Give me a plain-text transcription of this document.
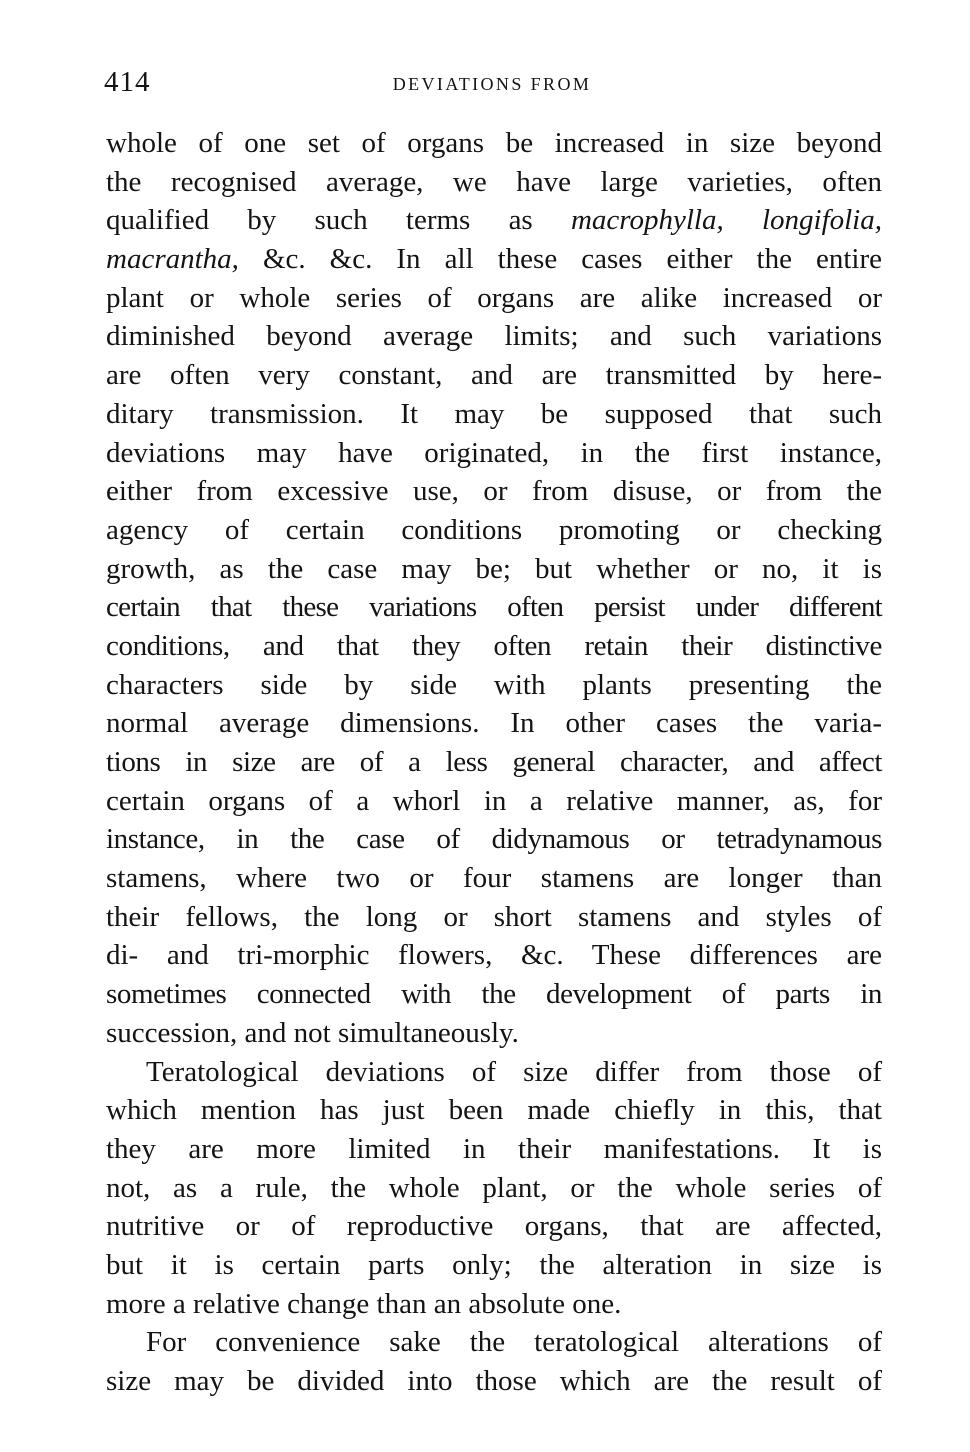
414	DEVIATIONS FROM
whole of one set of organs be increased in size beyond
the recognised average, we have large varieties, often
qualified by such terms as macrophylla, longifolia,
macrantha, &c. &c. In all these cases either the entire
plant or whole series of organs are alike increased or
diminished beyond average limits; and such variations
are often very constant, and are transmitted by here-
ditary transmission. It may be supposed that such
deviations may have originated, in the first instance,
either from excessive use, or from disuse, or from the
agency of certain conditions promoting or checking
growth, as the case may be; but whether or no, it is
certain that these variations often persist under different
conditions, and that they often retain their distinctive
characters side by side with plants presenting the
normal average dimensions. In other cases the varia-
tions in size are of a less general character, and affect
certain organs of a whorl in a relative manner, as, for
instance, in the case of didynamous or tetradynamous
stamens, where two or four stamens are longer than
their fellows, the long or short stamens and styles of
di- and tri-morphic flowers, &c. These differences are
sometimes connected with the development of parts in
succession, and not simultaneously.
Teratological deviations of size differ from those of
which mention has just been made chiefly in this, that
they are more limited in their manifestations. It is
not, as a rule, the whole plant, or the whole series of
nutritive or of reproductive organs, that are affected,
but it is certain parts only; the alteration in size is
more a relative change than an absolute one.
For convenience sake the teratological alterations of
size may be divided into those which are the result of
